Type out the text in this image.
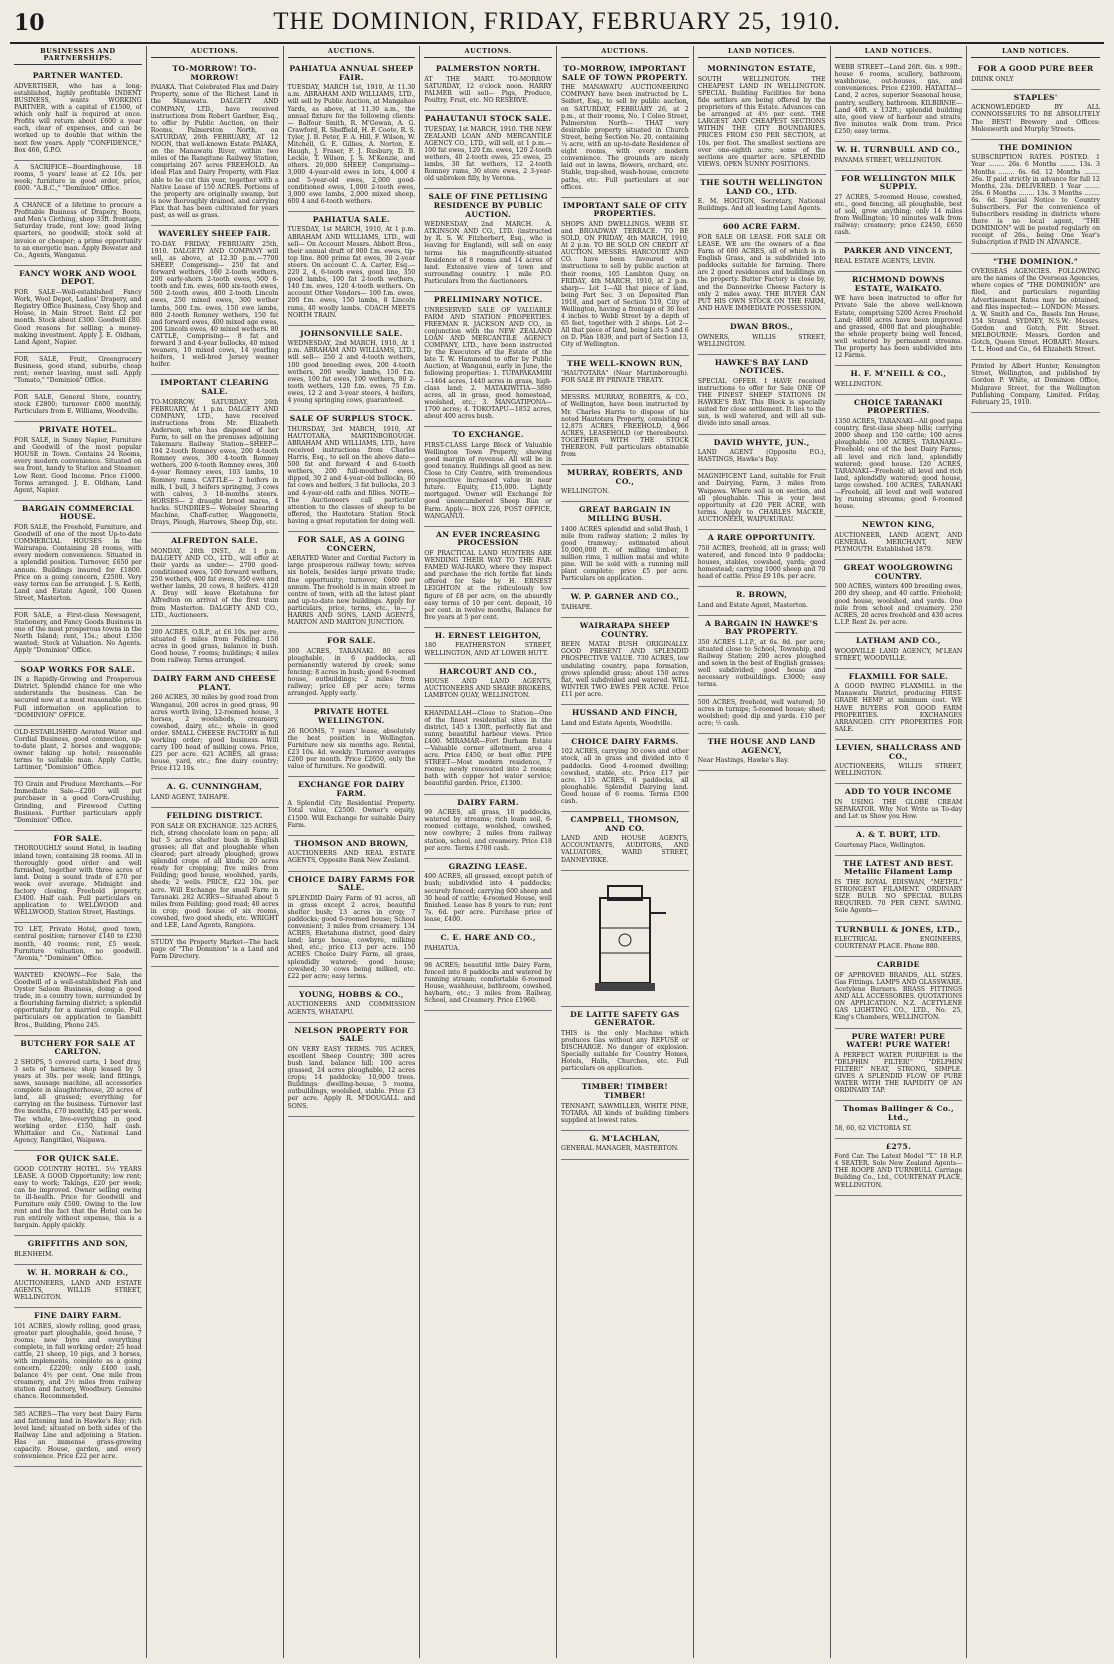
10	THE DOMINION, FRIDAY, FEBRUARY 25, 1910.
BUSINESSES AND PARTNERSHIPS.
PARTNER WANTED.

ADVERTISER, who has a long-established, highly profitable INDENT BUSINESS, wants WORKING PARTNER, with a capital of £1500, of which only half is required at once. Profits will return about £600 a year each, clear of expenses, and can be worked up to double that within the next few years. Apply "CONFIDENCE," Box 466, G.P.O.

A SACRIFICE—Boardinghouse, 18 rooms, 5 years' lease at £2 10s. per week; furniture in good order, price, £600. "A.B.C.," "Dominion" Office.

A CHANCE of a lifetime to procure a Profitable Business of Drapery, Boots, and Men's Clothing, shop 33ft. frontage, Saturday trade, rent low; good living quarters, no goodwill; stock sold at invoice or cheaper; a prime opportunity to an energetic man. Apply Bowater and Co., Agents, Wanganui.

FANCY WORK AND WOOL DEPOT.

FOR SALE—Well-established Fancy Work, Wool Depot, Ladies' Drapery, and Registry Office Business, Cosy Shop and House, in Main Street. Rent £2 per month. Stock about £300. Goodwill £80. Good reasons for selling; a money-making investment. Apply J. E. Oldham, Land Agent, Napier.

FOR SALE, Fruit, Greengrocery Business, good stand, suburbs, cheap rent; owner leaving, must sell. Apply "Tomato," "Dominion" Office.

FOR SALE, General Store, country, stock £2800; turnover £600 monthly. Particulars from E. Williams, Woodville.

PRIVATE HOTEL.

FOR SALE, in Sunny Napier, Furniture and Goodwill of the most popular HOUSE in Town. Contains 24 Rooms, every modern convenience. Situated on sea front, handy to Station and Steamer. Low Rent. Good Income. Price £1000. Terms arranged. J. E. Oldham, Land Agent, Napier.

BARGAIN COMMERCIAL HOUSE.

FOR SALE, the Freehold, Furniture, and Goodwill of one of the most Up-to-date COMMERCIAL HOUSES in the Wairarapa. Containing 28 rooms, with every modern convenience. Situated in a splendid position. Turnover, £650 per annum. Buildings insured for £1800. Price on a going concern, £2500. Very easy terms can be arranged. J. S. Keith, Land and Estate Agent, 100 Queen Street, Masterton.

FOR SALE, a First-class Newsagent, Stationery, and Fancy Goods Business in one of the most prosperous towns in the North Island; rent, 15s.; about £350 wanted; Stock at Valuation. No Agents. Apply "Dominion" Office.

SOAP WORKS FOR SALE.

IN a Rapidly-Growing and Prosperous District. Splendid chance for one who understands the business. Can be secured now at a most reasonable price. Full information on application to "DOMINION" OFFICE.

OLD-ESTABLISHED Aerated Water and Cordial Business, good connection, up-to-date plant, 2 horses and waggons; owner taking up hotel; reasonable terms to suitable man. Apply Cattle, Lattimer, "Dominion" Office.

TO Grain and Produce Merchants.—For Immediate Sale—£200 will put purchaser in a good Corn-Crushing, Grinding, and Firewood Cutting Business. Further particulars apply "Dominion" Office.

FOR SALE.

THOROUGHLY sound Hotel, in leading inland town, containing 28 rooms. All in thoroughly good order and well furnished, together with three acres of land. Doing a sound trade of £70 per week over average. Midnight and factory closing. Freehold property, £3400. Half cash. Full particulars on application to WELLWOOD and WELLWOOD, Station Street, Hastings.

TO LET, Private Hotel, good town, central position; turnover £140 to £230 month, 40 rooms; rent, £5 week. Furniture valuation, no goodwill. "Avonia," "Dominion" Office.

WANTED KNOWN—For Sale, the Goodwill of a well-established Fish and Oyster Saloon Business, doing a good trade, in a country town; surrounded by a flourishing farming district; a splendid opportunity for a married couple. Full particulars on application to Gambitt Bros., Building, Phone 245.

BUTCHERY FOR SALE AT CARLTON.

2 SHOPS, 5 covered carts, 1 beef dray, 3 sets of harness; shop leased by 5 years at 30s. per week; land fittings, saws, sausage machine, all accessories complete in slaughterhouse, 20 acres of land, all grassed; everything for carrying on the business. Turnover last five months, £70 monthly, £45 per week. The whole, live-everything in good working order. £150, half cash. Whittaker and Co., National Land Agency, Rangitikei, Waipawa.

FOR QUICK SALE.

GOOD COUNTRY HOTEL. 5½ YEARS LEASE. A GOOD Opportunity; low rent; easy to work; Takings, £20 per week; can be improved. Owner selling owing to ill-health. Price for Goodwill and Furniture only £500. Owing to the low rent and the fact that the Hotel can be run entirely without expense, this is a bargain. Apply quickly.

GRIFFITHS AND SON,

BLENHEIM.

W. H. MORRAH & CO.,

AUCTIONEERS, LAND AND ESTATE AGENTS, WILLIS STREET, WELLINGTON.

FINE DAIRY FARM.

101 ACRES, slowly rolling, good grass, greater part ploughable, good house, 7 rooms; new byre and everything complete, in full working order; 25 head cattle, 21 sheep, 10 pigs, and 3 horses, with implements, complete as a going concern. £2200; only £400 cash, balance 4½ per cent. One mile from creamery, and 2½ miles from railway station and factory, Woodbury. Genuine chance. Recommended.

585 ACRES—The very best Dairy Farm and fattening land in Hawke's Bay; rich level land; situated on both sides of the Railway Line and adjoining a Station. Has an immense grass-growing capacity. House, garden, and every convenience. Price £22 per acre.

AUCTIONS.
TO-MORROW! TO-MORROW!

PAIAKA. That Celebrated Flax and Dairy Property, some of the Richest Land in the Manawatu. DALGETY AND COMPANY, LTD., have received instructions from Robert Gardner, Esq., to offer by Public Auction, on their Rooms, Palmerston North, on SATURDAY, 26th FEBRUARY, AT 12 NOON, that well-known Estate PAIAKA, on the Manawatu River, within two miles of the Rangitane Railway Station, comprising 267 acres FREEHOLD. An ideal Flax and Dairy Property, with Flax able to be cut this year, together with a Native Lease of 150 ACRES. Portions of the property are originally swamp, but is now thoroughly drained, and carrying Flax that has been cultivated for years past, as well as grass.

WAVERLEY SHEEP FAIR.

TO-DAY. FRIDAY, FEBRUARY 25th, 1910. DALGETY AND COMPANY will sell, as above, at 12.30 p.m.—7700 SHEEP, Comprising— 250 fat and forward wethers, 160 2-tooth wethers, 200 early-shorn 2-tooth ewes, 500 6-tooth and f.m. ewes, 600 six-tooth ewes, 500 2-tooth ewes, 400 2-tooth Lincoln ewes, 250 mixed ewes, 300 wether lambs, 500 f.m. ewes, 150 ewe lambs, 800 2-tooth Romney wethers, 150 fat and forward ewes, 400 mixed age ewes, 200 Lincoln ewes, 40 mixed wethers. 80 CATTLE, Comprising— 8 fat and forward 3 and 4-year bullocks, 40 mixed weaners, 10 mixed cows, 14 yearling heifers, 1 well-bred Jersey weaner heifer.

IMPORTANT CLEARING SALE.

TO-MORROW, SATURDAY, 26th FEBRUARY, At 1 p.m. DALGETY AND COMPANY, LTD., have received instructions from Mr. Elizabeth Anderson, who has disposed of her Farm, to sell on the premises adjoining Takemaru Railway Station—SHEEP— 194 2-tooth Romney ewes, 200 4-tooth Romney ewes, 300 4-tooth Romney wethers, 200 6-tooth Romney ewes, 300 4-year Romney ewes, 103 lambs, 10 Romney rams. CATTLE— 2 heifers in milk, 1 bull, 3 heifers springing, 3 cows with calves, 3 18-months steers. HORSES— 2 draught brood mares, 4 hacks. SUNDRIES— Wolseley Shearing Machine, Chaff-cutter, Waggonette, Drays, Plough, Harrows, Sheep Dip, etc.

ALFREDTON SALE.

MONDAY, 28th INST., At 1 p.m. DALGETY AND CO., LTD., will offer at their yards as under:— 2700 good-conditioned ewes, 100 forward wethers, 250 wethers, 400 fat ewes, 350 ewe and wether lambs, 20 cows, 8 heifers. 4120 A Dray will leave Eketahuna for Alfredton on arrival of the first train from Masterton. DALGETY AND CO., LTD., Auctioneers.

200 ACRES, O.R.P., at £6 10s. per acre, situated 6 miles from Feilding. 150 acres in good grass, balance in bush. Good house, 7 rooms; buildings; 4 miles from railway. Terms arranged.

DAIRY FARM AND CHEESE PLANT.

260 ACRES, 30 miles by good road from Wanganui, 200 acres in good grass, 90 acres worth living, 12-roomed house, 3 horses, 2 woolsheds, creamery, cowshed, dairy, etc.; whole in good order. SMALL CHEESE FACTORY in full working order; good business. Will carry 100 head of milking cows. Price, £25 per acre. 621 ACRES, all grass; house, yard, etc.; fine dairy country; Price £12 10s.

A. G. CUNNINGHAM,

LAND AGENT, TAIHAPE.

FEILDING DISTRICT.

FOR SALE OR EXCHANGE. 325 ACRES, rich, strong chocolate loam on papa; all but 5 acres shelter bush in English grasses; all flat and ploughable when cleared; part already ploughed; grows splendid crops of all kinds; 20 acres ready for cropping; five miles from Feilding; good house, woolshed, yards, sheds; 2 wells. PRICE, £22 10s. per acre. Will Exchange for small Farm in Taranaki. 282 ACRES—Situated about 5 miles from Feilding; good road; 40 acres in crop; good house of six rooms, cowshed, two good sheds, etc. WRIGHT and LEE, Land Agents, Rangiora.

STUDY the Property Market—The back page of "The Dominion" is a Land and Farm Directory.

AUCTIONS.
PAHIATUA ANNUAL SHEEP FAIR.

TUESDAY, MARCH 1st, 1910, At 11.30 a.m. ABRAHAM AND WILLIAMS, LTD., will sell by Public Auction, at Mangahao Yards, as above, at 11.30 a.m., the annual fixture for the following clients:— Balfour Smith, R. M'Gowan, A. G. Crawford, R. Sheffield, H. F. Coote, R. S. Tyler, J. B. Peter, F. A. Hill, F. Wilson, W. Mitchell, G. E. Gillies, A. Norton, E. Haugh, J. Fraser, F. J. Rusbury, D. B. Leckie, T. Wilson, J. S. M'Kenzie, and others. 20,000 SHEEP, Comprising— 3,000 4-year-old ewes in lots, 4,000 4 and 5-year-old ewes, 2,000 good-conditioned ewes, 1,000 2-tooth ewes, 3,000 ewe lambs, 2,000 mixed sheep, 600 4 and 6-tooth wethers.

PAHIATUA SALE.

TUESDAY, 1st MARCH, 1910, At 1 p.m. ABRAHAM AND WILLIAMS, LTD., will sell— On Account Messrs. Abbott Bros., their annual draft of 900 f.m. ewes, tip-top line. 800 prime fat ewes, 30 2-year steers. On account C. A. Carter, Esq.— 220 2, 4, 6-tooth ewes, good line, 350 good lambs, 100 fat 2-tooth wethers, 140 f.m. ewes, 120 4-tooth wethers. On account Other Vendors— 100 f.m. ewes, 200 f.m. ewes, 150 lambs, 8 Lincoln rams, 40 woolly lambs. COACH MEETS NORTH TRAIN.

JOHNSONVILLE SALE.

WEDNESDAY, 2nd MARCH, 1910, At 1 p.m. ABRAHAM AND WILLIAMS, LTD., will sell— 250 2 and 4-tooth wethers, 100 good breeding ewes, 200 4-tooth wethers, 200 woolly lambs, 150 f.m. ewes, 100 fat ewes, 100 wethers, 80 2-tooth wethers, 120 f.m. ewes, 75 f.m. ewes, 12 2 and 3-year steers, 4 heifers, 4 young springing cows, guaranteed.

SALE OF SURPLUS STOCK.

THURSDAY, 3rd MARCH, 1910, AT HAUTOTARA, MARTINBOROUGH. ABRAHAM AND WILLIAMS, LTD., have received instructions from Charles Harris, Esq., to sell on the above date— 500 fat and forward 4 and 6-tooth wethers, 200 full-mouthed ewes, dipped, 30 2 and 4-year-old bullocks, 60 fat cows and heifers, 3 fat bullocks, 20 3 and 4-year-old calfs and fillies. NOTE—The Auctioneers call particular attention to the classes of sheep to be offered, the Hautotara Station Stock having a great reputation for doing well.

FOR SALE, AS A GOING CONCERN,

AERATED Water and Cordial Factory in large prosperous railway town; serves six hotels, besides large private trade; fine opportunity; turnover, £600 per annum. The freehold is in main street in centre of town, with all the latest plant and up-to-date new buildings. Apply for particulars, price, terms, etc., to— J. HARRIS AND SONS, LAND AGENTS, MARTON AND MARTON JUNCTION.

FOR SALE.

300 ACRES, TARANAKI. 80 acres ploughable, in 6 paddocks, all permanently watered by creek; some fencing; 8 acres in bush; good 6-roomed house, outbuildings; 2 miles from railway; price £8 per acre; terms arranged. Apply early.

PRIVATE HOTEL WELLINGTON.

26 ROOMS, 7 years' lease, absolutely the best position in Wellington. Furniture new six months ago. Rental, £23 10s. 4d. weekly. Turnover averages £260 per month. Price £2650, only the value of furniture. No goodwill.

EXCHANGE FOR DAIRY FARM.

A Splendid City Residential Property. Total value, £2500. Owner's equity, £1500. Will Exchange for suitable Dairy Farm.

THOMSON AND BROWN,

AUCTIONEERS AND REAL ESTATE AGENTS, Opposite Bank New Zealand.

CHOICE DAIRY FARMS FOR SALE.

SPLENDID Dairy Farm of 91 acres, all in grass except 2 acres, beautiful shelter bush; 13 acres in crop; 7 paddocks; good 6-roomed house; School convenient; 3 miles from creamery. 134 ACRES, Eketahuna district, good dairy land; large house, cowbyre, milking shed, etc.; price £13 per acre. 150 ACRES Choice Dairy Farm, all grass, splendidly watered; good house; cowshed; 30 cows being milked, etc. £22 per acre; easy terms.

YOUNG, HOBBS & CO.,

AUCTIONEERS AND COMMISSION AGENTS, WHATAPU.

NELSON PROPERTY FOR SALE

ON VERY EASY TERMS. 705 ACRES, excellent Sheep Country; 300 acres bush land, balance hill; 100 acres grassed, 24 acres ploughable, 12 acres crops; 14 paddocks; 10,000 trees. Buildings: dwelling-house, 5 rooms, outbuildings, woolshed, stable. Price £3 per acre. Apply R. M'DOUGALL and SONS.

AUCTIONS.
PALMERSTON NORTH.

AT THE MART. TO-MORROW SATURDAY, 12 o'clock noon. HARRY PALMER will sell— Pigs, Produce, Poultry, Fruit, etc. NO RESERVE.

PAHAUTANUI STOCK SALE.

TUESDAY, 1st MARCH, 1910. THE NEW ZEALAND LOAN AND MERCANTILE AGENCY CO., LTD., will sell, at 1 p.m.— 100 fat ewes, 120 f.m. ewes, 120 2-tooth wethers, 40 2-tooth ewes, 25 ewes, 25 lambs, 30 fat wethers, 12 2-tooth Romney rams, 30 store ewes, 2 3-year-old unbroken filly, by Verona.

SALE OF FINE PETLISING RESIDENCE BY PUBLIC AUCTION.

WEDNESDAY, 2nd MARCH. A. ATKINSON AND CO., LTD. (instructed by R. S. W. Fitzherbert, Esq., who is leaving for England), will sell on easy terms his magnificently-situated Residence of 8 rooms and 14 acres of land. Extensive view of town and surrounding country. 1 mile P.O. Particulars from the Auctioneers.

PRELIMINARY NOTICE.

UNRESERVED SALE OF VALUABLE FARM AND STATION PROPERTIES. FREEMAN R. JACKSON AND CO., in conjunction with the NEW ZEALAND LOAN AND MERCANTILE AGENCY COMPANY, LTD., have been instructed by the Executors of the Estate of the late T. W. Hammond to offer by Public Auction, at Wanganui, early in June, the following properties: 1. TUPAPAKAMIRI—1464 acres, 1440 acres in grass, high-class land; 2. MATAKIWITIA—3880 acres, all in grass, good homestead, woolshed, etc.; 3. MANGATIPONA—1700 acres; 4. TOKOTAPU—1852 acres, about 400 acres bush.

TO EXCHANGE.

FIRST-CLASS Large Block of Valuable Wellington Town Property, showing good margin of revenue. All will be in good tenancy. Buildings all good as new. Close to City Centre, with tremendous prospective increased value in near future. Equity, £15,000. Lightly mortgaged. Owner will Exchange for good unencumbered Sheep Run or Farm. Apply— BOX 226, POST OFFICE, WANGANUI.

AN EVER INCREASING PROCESSION

OF PRACTICAL LAND HUNTERS ARE WENDING THEIR WAY TO THE FAR-FAMED WAI-RAKO, where they inspect and purchase the rich fertile flat lands offered for Sale by H. ERNEST LEIGHTON at the ridiculously low figure of £8 per acre, on the absurdly easy terms of 10 per cent. deposit, 10 per cent. in twelve months, Balance for five years at 5 per cent.

H. ERNEST LEIGHTON,

180 FEATHERSTON STREET, WELLINGTON, AND AT LOWER HUTT.

HARCOURT AND CO.,

HOUSE AND LAND AGENTS, AUCTIONEERS AND SHARE BROKERS, LAMBTON QUAY, WELLINGTON.

KHANDALLAH—Close to Station—One of the finest residential sites in the district, 145 x 130ft, perfectly flat and sunny, beautiful harbour views. Price £400. MIRAMAR—Fort Durham Estate—Valuable corner allotment, area 4 acre. Price £450, or best offer. PIPE STREET—Most modern residence, 7 rooms; newly renovated into 2 rooms; bath with copper hot water service; beautiful garden. Price, £1300.

DAIRY FARM.

99 ACRES, all grass, 10 paddocks, watered by streams; rich loam soil, 6-roomed cottage, woolshed, cowshed, new cowbyre; 2 miles from railway station, school, and creamery. Price £18 per acre. Terms £700 cash.

GRAZING LEASE.

400 ACRES, all grassed, except patch of bush; subdivided into 4 paddocks; securely fenced; carrying 600 sheep and 30 head of cattle; 4-roomed House, well finished. Lease has 8 years to run; rent 7s. 6d. per acre. Purchase price of lease, £400.

C. E. HARE AND CO.,

PAHIATUA.

98 ACRES; beautiful little Dairy Farm, fenced into 8 paddocks and watered by running stream; comfortable 6-roomed House, washhouse, bathroom, cowshed, haybarn, etc.; 3 miles from Railway, School, and Creamery. Price £1960.

AUCTIONS.
TO-MORROW, IMPORTANT SALE OF TOWN PROPERTY.

THE MANAWATU AUCTIONEERING COMPANY have been instructed by L. Seifert, Esq., to sell by public auction, on SATURDAY, FEBRUARY 26, at 2 p.m., at their rooms, No. 1 Coleo Street, Palmerston North— THAT very desirable property situated in Church Street, being Section No. 20, containing ¼ acre, with an up-to-date Residence of eight rooms, with every modern convenience. The grounds are nicely laid out in lawns, flowers, orchard, etc. Stable, trap-shed, wash-house, concrete paths, etc. Full particulars at our offices.

IMPORTANT SALE OF CITY PROPERTIES.

SHOPS AND DWELLINGS. WEBB ST. and BROADWAY TERRACE. TO BE SOLD, ON FRIDAY, 4th MARCH, 1910, At 2 p.m. TO BE SOLD ON CREDIT AT AUCTION. MESSRS. HARCOURT AND CO. have been favoured with instructions to sell by public auction at their rooms, 105 Lambton Quay, on FRIDAY, 4th MARCH, 1910, at 2 p.m. sharp— Lot 1—All that piece of land, being Part Sec. 3 on Deposited Plan 1918, and part of Section 519, City of Wellington, having a frontage of 36 feet 4 inches to Webb Street by a depth of 65 feet, together with 2 shops. Lot 2—All that piece of land, being Lots 5 and 6 on D. Plan 1839, and part of Section 13, City of Wellington.

THE WELL-KNOWN RUN,

"HAUTOTARA" (Near Martinborough). FOR SALE BY PRIVATE TREATY.

MESSRS. MURRAY, ROBERTS, & CO., of Wellington, have been instructed by Mr. Charles Harris to dispose of his noted Hautotara Property, consisting of 12,875 ACRES, FREEHOLD, 4,966 ACRES, LEASEHOLD (or thereabouts). TOGETHER WITH THE STOCK THEREON. Full particulars obtainable from

MURRAY, ROBERTS, AND CO.,

WELLINGTON.

GREAT BARGAIN IN MILLING BUSH.

1400 ACRES splendid and solid Bush, 1 mile from railway station; 2 miles by good tramway; estimated about 10,000,000 ft. of milling timber, 8 million rimu, 1 million matai and white pine. Will be sold with a running mill plant complete; price £5 per acre. Particulars on application.

W. P. GARNER AND CO.,

TAIHAPE.

WAIRARAPA SHEEP COUNTRY.

BEEN MATAI BUSH ORIGINALLY. GOOD PRESENT AND SPLENDID PROSPECTIVE VALUE. 730 ACRES, low undulating country, papa formation, grows splendid grass; about 150 acres flat, well subdivided and watered. WILL WINTER TWO EWES PER ACRE. Price £11 per acre.

HUSSAND AND FINCH,

Land and Estate Agents, Woodville.

CHOICE DAIRY FARMS.

102 ACRES, carrying 30 cows and other stock, all in grass and divided into 6 paddocks. Good 4-roomed dwelling; cowshed, stable, etc. Price £17 per acre. 115 ACRES, 6 paddocks, all ploughable. Splendid Dairying land. Good house of 6 rooms. Terms £500 cash.

CAMPBELL, THOMSON, AND CO.

LAND AND HOUSE AGENTS, ACCOUNTANTS, AUDITORS, AND VALUATORS, WARD STREET, DANNEVIRKE.

DE LAITTE SAFETY GAS GENERATOR.

THIS is the only Machine which produces Gas without any REFUSE or DISCHARGE. No danger of explosion. Specially suitable for Country Homes, Hotels, Halls, Churches, etc. Full particulars on application.

TIMBER! TIMBER! TIMBER!

TENNANT, SAWMILLER, WHITE PINE, TOTARA. All kinds of building timbers supplied at lowest rates.

G. M'LACHLAN,

GENERAL MANAGER, MASTERTON.

LAND NOTICES.
MORNINGTON ESTATE,

SOUTH WELLINGTON. THE CHEAPEST LAND IN WELLINGTON. SPECIAL Building Facilities for bona fide settlers are being offered by the proprietors of this Estate. Advances can be arranged at 4½ per cent. THE LARGEST AND CHEAPEST SECTIONS WITHIN THE CITY BOUNDARIES. PRICES FROM £50 PER SECTION, at 10s. per foot. The smallest sections are over one-eighth acre; some of the sections are quarter acre. SPLENDID VIEWS. OPEN SUNNY POSITIONS.

THE SOUTH WELLINGTON LAND CO., LTD.

E. M. HOGTON, Secretary, National Buildings. And all leading Land Agents.

600 ACRE FARM.

FOR SALE OR LEASE. FOR SALE OR LEASE. WE are the owners of a fine Farm of 600 ACRES, all of which is in English Grass, and is subdivided into paddocks suitable for farming. There are 2 good residences and buildings on the property. Butter Factory is close by, and the Dannevirke Cheese Factory is only 2 miles away. THE BUYER CAN PUT HIS OWN STOCK ON THE FARM, AND HAVE IMMEDIATE POSSESSION.

DWAN BROS.,

OWNERS, WILLIS STREET, WELLINGTON.

HAWKE'S BAY LAND NOTICES.

SPECIAL OFFER. I HAVE received instructions to offer for Sale ONE OF THE FINEST SHEEP STATIONS IN HAWKE'S BAY. This Block is specially suited for close settlement. It lies to the sun, is well watered, and will all sub-divide into small areas.

DAVID WHYTE, JUN.,

LAND AGENT (Opposite P.O.), HASTINGS, Hawke's Bay.

MAGNIFICENT Land, suitable for Fruit and Dairying, Farm, 3 miles from Waipawa. Where soil is on section, and all ploughable. This is your best opportunity at £20 PER ACRE, with terms. Apply to CHARLES MACKIE, AUCTIONEER, WAIPUKURAU.

A RARE OPPORTUNITY.

750 ACRES, freehold, all in grass; well watered, and fenced into 9 paddocks; houses, stables, cowshed, yards; good homestead; carrying 1000 sheep and 70 head of cattle. Price £9 10s. per acre.

R. BROWN,

Land and Estate Agent, Masterton.

A BARGAIN IN HAWKE'S BAY PROPERTY.

350 ACRES L.I.P., at 6s. 8d. per acre; situated close to School, Township, and Railway Station; 200 acres ploughed and sown in the best of English grasses; well subdivided; good house and necessary outbuildings. £3000; easy terms.

500 ACRES, freehold, well watered; 50 acres in turnips; 5-roomed house; shed; woolshed; good dip and yards. £10 per acre; ½ cash.

THE HOUSE AND LAND AGENCY,

Near Hastings, Hawke's Bay.

LAND NOTICES.

WEBB STREET—Land 26ft. 6in. x 99ft.; house 6 rooms, scullery, bathroom, washhouse, out-houses, gas, and conveniences. Price £2300. HATAITAI—Land, 2 acres, superior Seasonal house, pantry, scullery, bathroom. KILBIRNIE—Land 46ft. x 132ft.; splendid building site, good view of harbour and straits; five minutes walk from tram. Price £250; easy terms.

W. H. TURNBULL AND CO.,

PANAMA STREET, WELLINGTON.

FOR WELLINGTON MILK SUPPLY.

27 ACRES, 5-roomed House, cowshed, etc., good fencing, all ploughable, best of soil, grow anything; only 14 miles from Wellington; 10 minutes walk from railway; creamery; price £2450, £650 cash.

PARKER AND VINCENT,

REAL ESTATE AGENTS, LEVIN.

RICHMOND DOWNS ESTATE, WAIKATO.

WE have been instructed to offer for Private Sale the above well-known Estate, comprising 5200 Acres Freehold Land; 4800 acres have been improved and grassed, 4000 flat and ploughable; the whole property being well fenced, well watered by permanent streams. The property has been subdivided into 12 Farms.

H. F. M'NEILL & CO.,

WELLINGTON.

CHOICE TARANAKI PROPERTIES.

1350 ACRES, TARANAKI—All good papa country, first-class sheep hills; carrying 2000 sheep and 150 cattle; 100 acres ploughable. 100 ACRES, TARANAKI—Freehold; one of the best Dairy Farms; all level and rich land, splendidly watered; good house. 120 ACRES, TARANAKI—Freehold; all level and rich land, splendidly watered; good house, large cowshed. 100 ACRES, TARANAKI—Freehold, all level and well watered by running streams; good 6-roomed house.

NEWTON KING,

AUCTIONEER, LAND AGENT, AND GENERAL MERCHANT, NEW PLYMOUTH. Established 1879.

GREAT WOOLGROWING COUNTRY.

500 ACRES, winters 400 breeding ewes, 200 dry sheep, and 40 cattle. Freehold; good house, woolshed, and yards. One mile from school and creamery. 250 ACRES, 20 acres freehold and 430 acres L.I.P. Rent 2s. per acre.

LATHAM AND CO.,

WOODVILLE LAND AGENCY, M'LEAN STREET, WOODVILLE.

FLAXMILL FOR SALE.

A GOOD PAYING FLAXMILL in the Manawatu District, producing FIRST-GRADE HEMP at minimum cost. WE HAVE BUYERS FOR GOOD FARM PROPERTIES. EXCHANGES ARRANGED. CITY PROPERTIES FOR SALE.

LEVIEN, SHALLCRASS AND CO.,

AUCTIONEERS, WILLIS STREET, WELLINGTON.

ADD TO YOUR INCOME

IN USING THE GLOBE CREAM SEPARATOR. Why Not Write us To-day and Let us Show you How.

A. & T. BURT, LTD.

Courtenay Place, Wellington.

THE LATEST AND BEST. Metallic Filament Lamp

IS THE ROYAL EDISWAN, "METFIL" STRONGEST FILAMENT. ORDINARY SIZE BULB. NO SPECIAL BULBS REQUIRED. 70 PER CENT. SAVING. Sole Agents—

TURNBULL & JONES, LTD.,

ELECTRICAL ENGINEERS, COURTENAY PLACE. Phone 880.

CARBIDE

OF APPROVED BRANDS, ALL SIZES. Gas Fittings. LAMPS AND GLASSWARE. Acetylene Burners. BRASS FITTINGS AND ALL ACCESSORIES. QUOTATIONS ON APPLICATION. N.Z. ACETYLENE GAS LIGHTING CO., LTD., No. 25, King's Chambers, WELLINGTON.

PURE WATER! PURE WATER! PURE WATER!

A PERFECT WATER PURIFIER is the "DELPHIN FILTER!" "DELPHIN FILTER!" NEAT, STRONG, SIMPLE. GIVES A SPLENDID FLOW OF PURE WATER WITH THE RAPIDITY OF AN ORDINARY TAP.

Thomas Ballinger & Co., Ltd.,

58, 60, 62 VICTORIA ST.

£275.

Ford Car. The Latest Model "T." 18 H.P. 4 SEATER. Sole New Zealand Agents— THE ROOPE AND TURNBULL Carriage Building Co., Ltd., COURTENAY PLACE, WELLINGTON.

LAND NOTICES.
FOR A GOOD PURE BEER

DRINK ONLY

STAPLES'

ACKNOWLEDGED BY ALL CONNOISSEURS TO BE ABSOLUTELY The BEST! Brewery and Offices: Molesworth and Murphy Streets.

THE DOMINION

SUBSCRIPTION RATES. POSTED. 1 Year ........ 26s. 6 Months ........ 13s. 3 Months ........ 6s. 6d. 12 Months ........ 26s. If paid strictly in advance for full 12 Months, 23s. DELIVERED. 1 Year ........ 26s. 6 Months ........ 13s. 3 Months ........ 6s. 6d. Special Notice to Country Subscribers. For the convenience of Subscribers residing in districts where there is no local agent, "THE DOMINION" will be posted regularly on receipt of 26s., being One Year's Subscription if PAID IN ADVANCE.

"THE DOMINION."

OVERSEAS AGENCIES. FOLLOWING are the names of the Overseas Agencies, where copies of "THE DOMINION" are filed, and particulars regarding Advertisement Rates may be obtained, and files inspected:— LONDON: Messrs. A. W. Smith and Co., Basels Inn House, 154 Strand. SYDNEY, N.S.W.: Messrs. Gordon and Gotch, Pitt Street. MELBOURNE: Messrs. Gordon and Gotch, Queen Street. HOBART: Messrs. T. L. Hood and Co., 64 Elizabeth Street.

Printed by Albert Hunter, Kensington Street, Wellington, and published by Gordon P. White, at Dominion Office, Mulgrave Street, for the Wellington Publishing Company, Limited. Friday, February 25, 1910.
